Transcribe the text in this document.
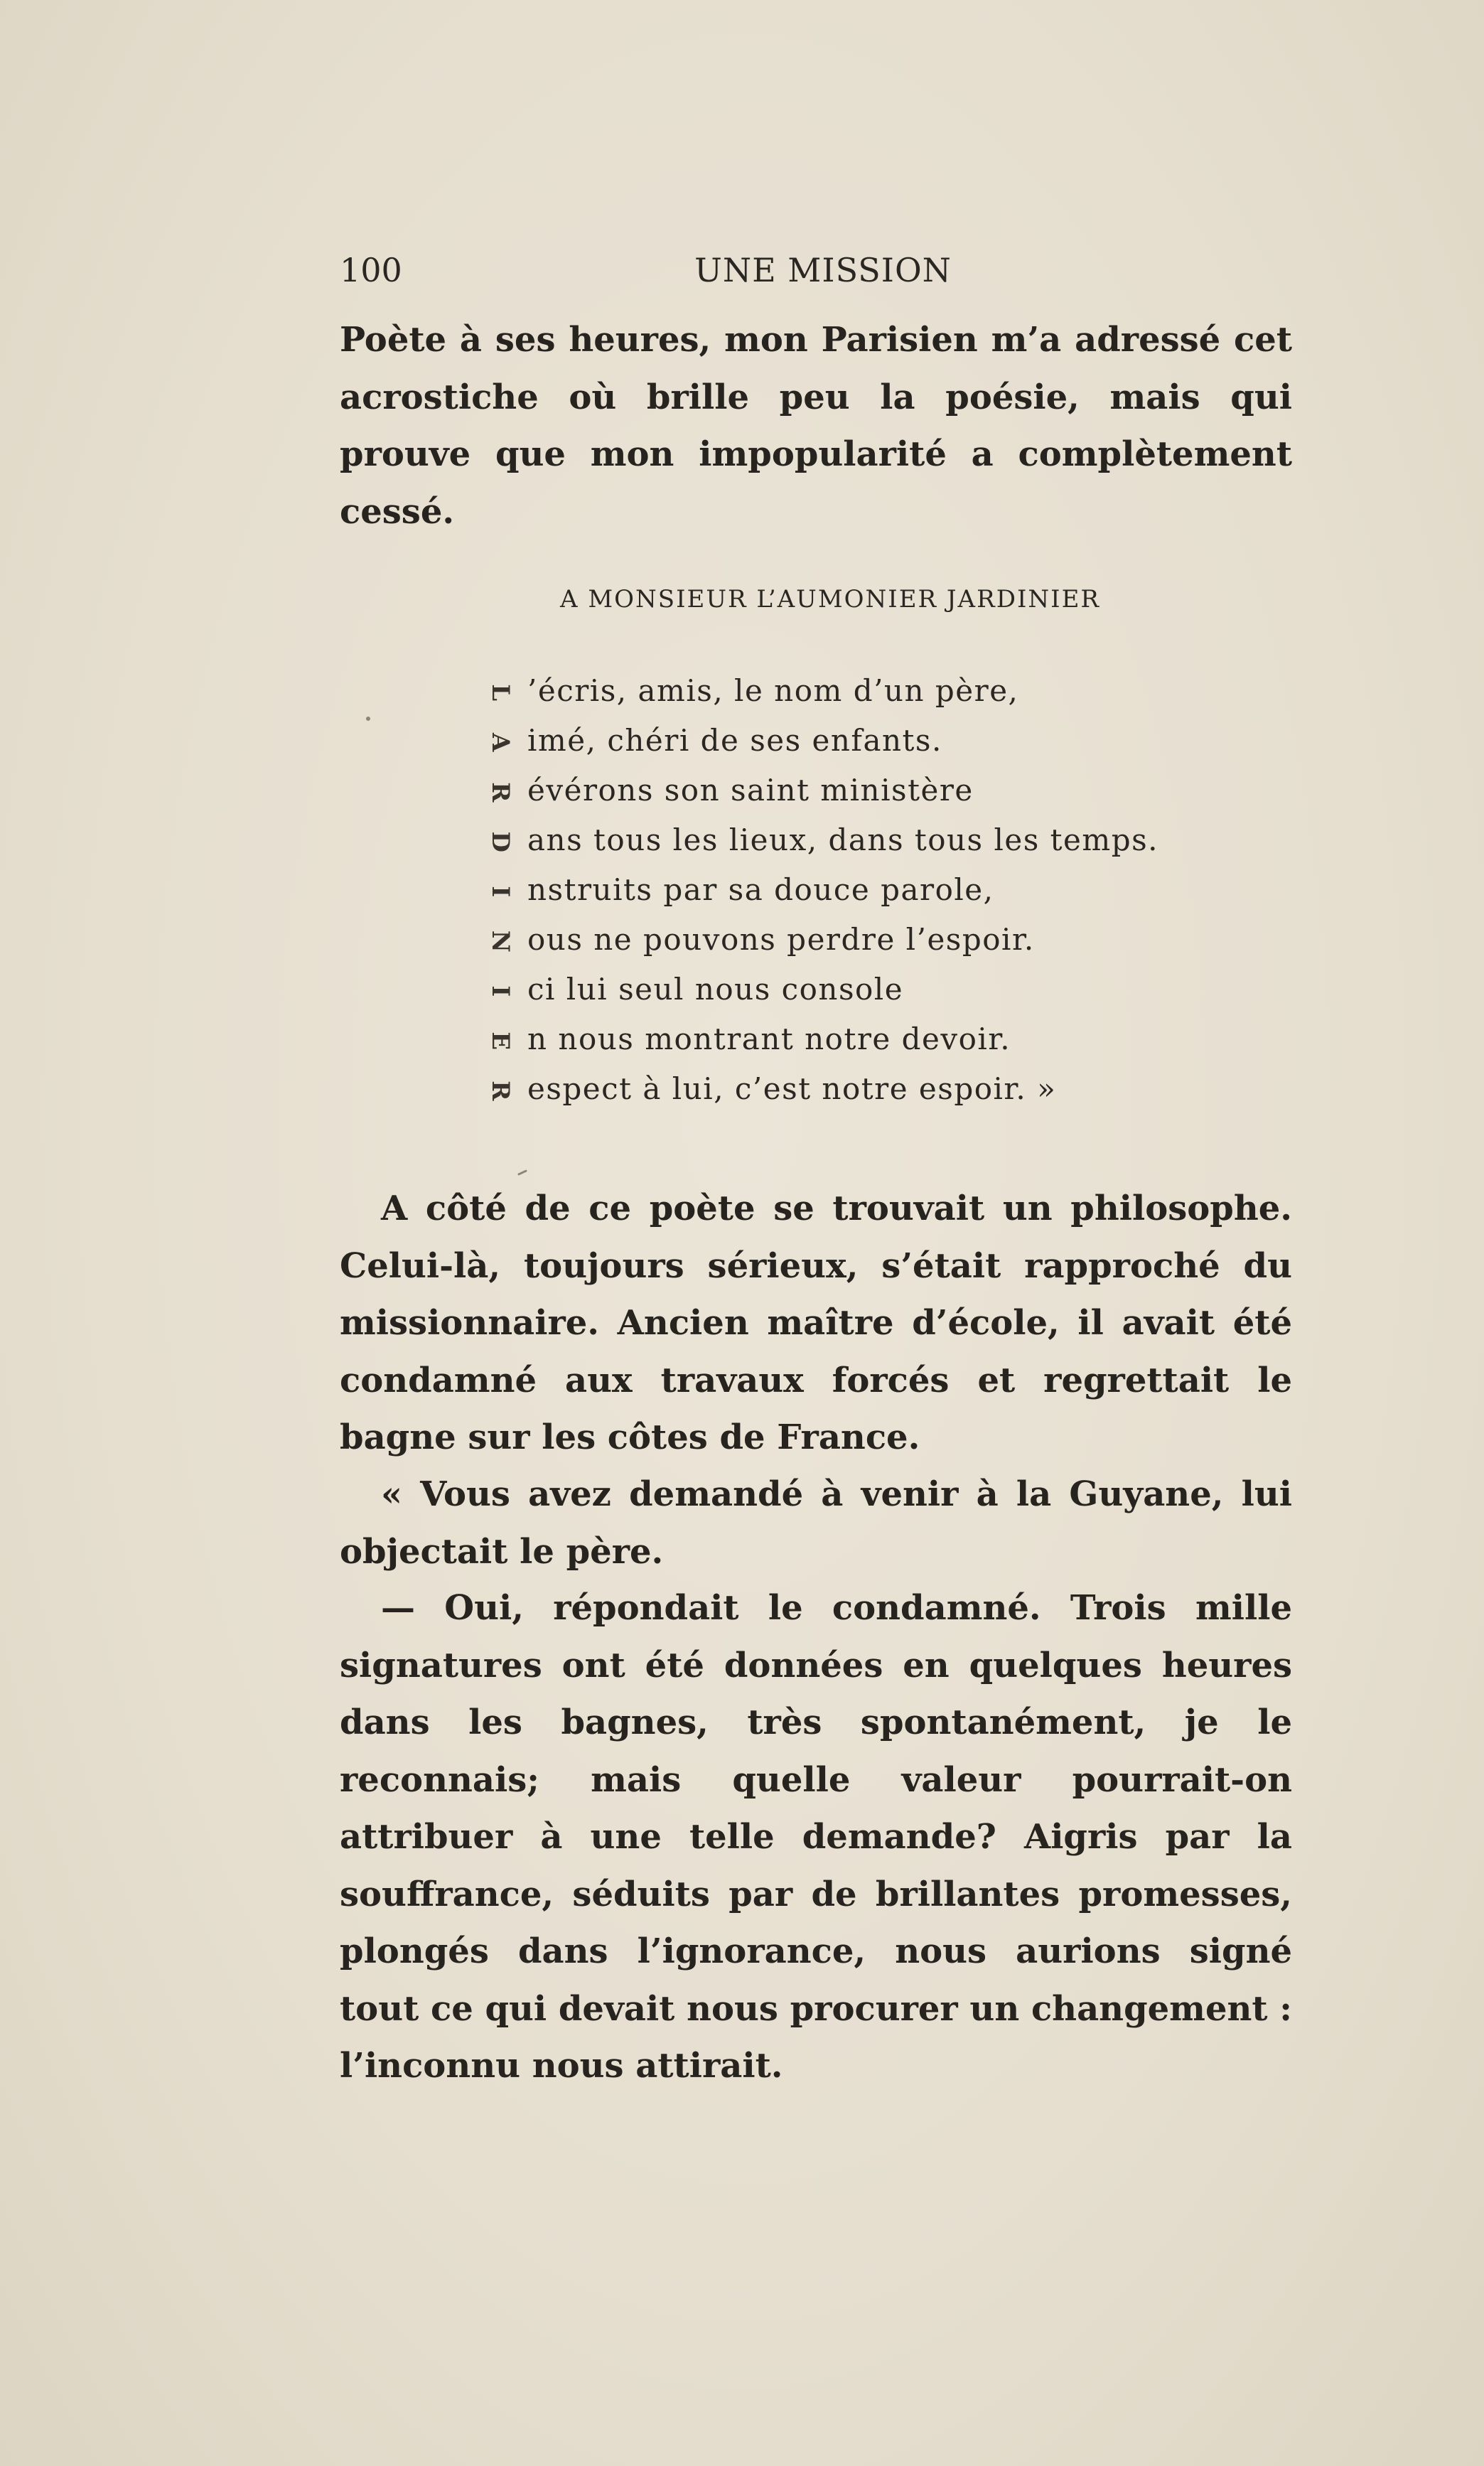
100	UNE MISSION

Poète à ses heures, mon Parisien m’a adressé cet acrostiche où brille peu la poésie, mais qui prouve que mon impopularité a complètement cessé.

A MONSIEUR L’AUMONIER JARDINIER
L ’écris, amis, le nom d’un père,
A imé, chéri de ses enfants.
R évérons son saint ministère
D ans tous les lieux, dans tous les temps.
I nstruits par sa douce parole,
N ous ne pouvons perdre l’espoir.
I ci lui seul nous console
E n nous montrant notre devoir.
R espect à lui, c’est notre espoir. »

A côté de ce poète se trouvait un philosophe. Celui-là, toujours sérieux, s’était rapproché du missionnaire. Ancien maître d’école, il avait été condamné aux travaux forcés et regrettait le bagne sur les côtes de France.

« Vous avez demandé à venir à la Guyane, lui objectait le père.

— Oui, répondait le condamné. Trois mille signatures ont été données en quelques heures dans les bagnes, très spontanément, je le reconnais; mais quelle valeur pourrait-on attribuer à une telle demande? Aigris par la souffrance, séduits par de brillantes promesses, plongés dans l’ignorance, nous aurions signé tout ce qui devait nous procurer un changement : l’inconnu nous attirait.
